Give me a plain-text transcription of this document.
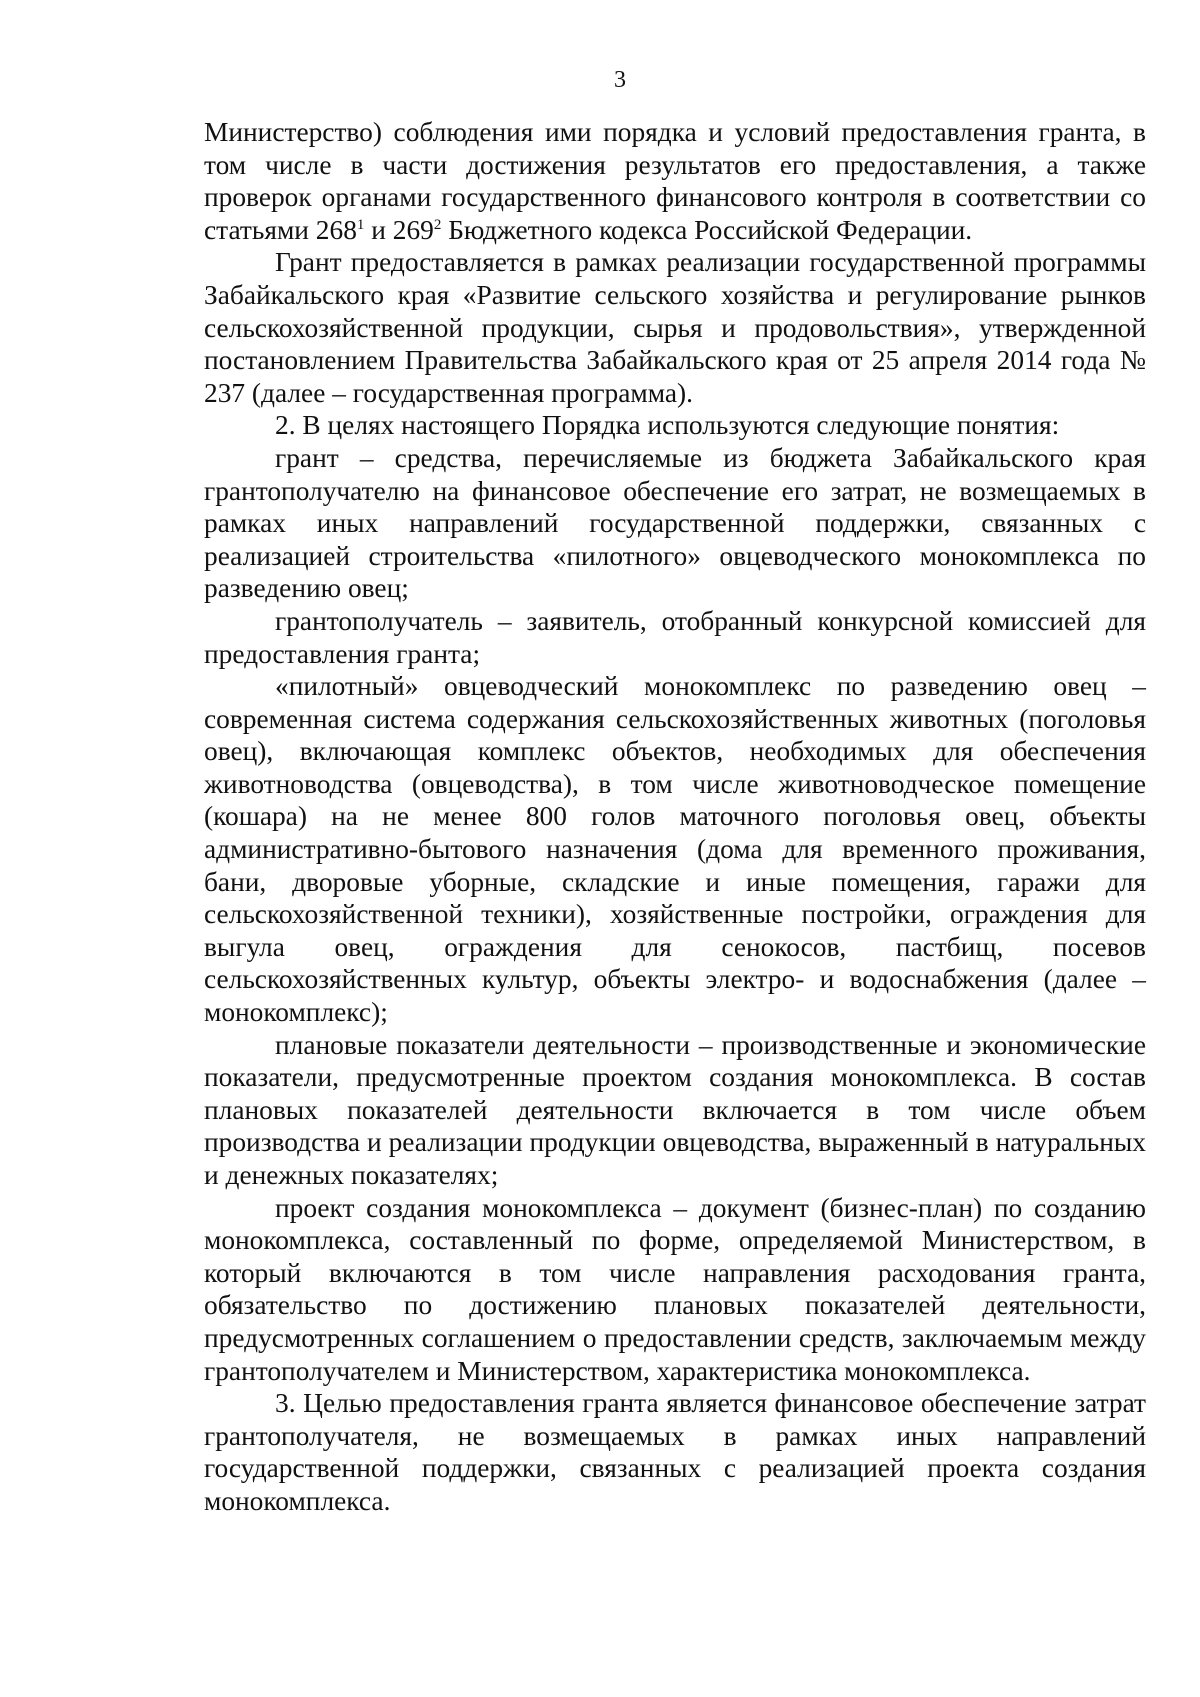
3

Министерство) соблюдения ими порядка и условий предоставления гранта, в том числе в части достижения результатов его предоставления, а также проверок органами государственного финансового контроля в соответствии со статьями $268^1$ и $269^2$ Бюджетного кодекса Российской Федерации.

Грант предоставляется в рамках реализации государственной программы Забайкальского края «Развитие сельского хозяйства и регулирование рынков сельскохозяйственной продукции, сырья и продовольствия», утвержденной постановлением Правительства Забайкальского края от 25 апреля 2014 года № 237 (далее – государственная программа).

2. В целях настоящего Порядка используются следующие понятия:

грант – средства, перечисляемые из бюджета Забайкальского края грантополучателю на финансовое обеспечение его затрат, не возмещаемых в рамках иных направлений государственной поддержки, связанных с реализацией строительства «пилотного» овцеводческого монокомплекса по разведению овец;

грантополучатель – заявитель, отобранный конкурсной комиссией для предоставления гранта;

«пилотный» овцеводческий монокомплекс по разведению овец – современная система содержания сельскохозяйственных животных (поголовья овец), включающая комплекс объектов, необходимых для обеспечения животноводства (овцеводства), в том числе животноводческое помещение (кошара) на не менее 800 голов маточного поголовья овец, объекты административно-бытового назначения (дома для временного проживания, бани, дворовые уборные, складские и иные помещения, гаражи для сельскохозяйственной техники), хозяйственные постройки, ограждения для выгула овец, ограждения для сенокосов, пастбищ, посевов сельскохозяйственных культур, объекты электро- и водоснабжения (далее – монокомплекс);

плановые показатели деятельности – производственные и экономические показатели, предусмотренные проектом создания монокомплекса. В состав плановых показателей деятельности включается в том числе объем производства и реализации продукции овцеводства, выраженный в натуральных и денежных показателях;

проект создания монокомплекса – документ (бизнес-план) по созданию монокомплекса, составленный по форме, определяемой Министерством, в который включаются в том числе направления расходования гранта, обязательство по достижению плановых показателей деятельности, предусмотренных соглашением о предоставлении средств, заключаемым между грантополучателем и Министерством, характеристика монокомплекса.

3. Целью предоставления гранта является финансовое обеспечение затрат грантополучателя, не возмещаемых в рамках иных направлений государственной поддержки, связанных с реализацией проекта создания монокомплекса.
